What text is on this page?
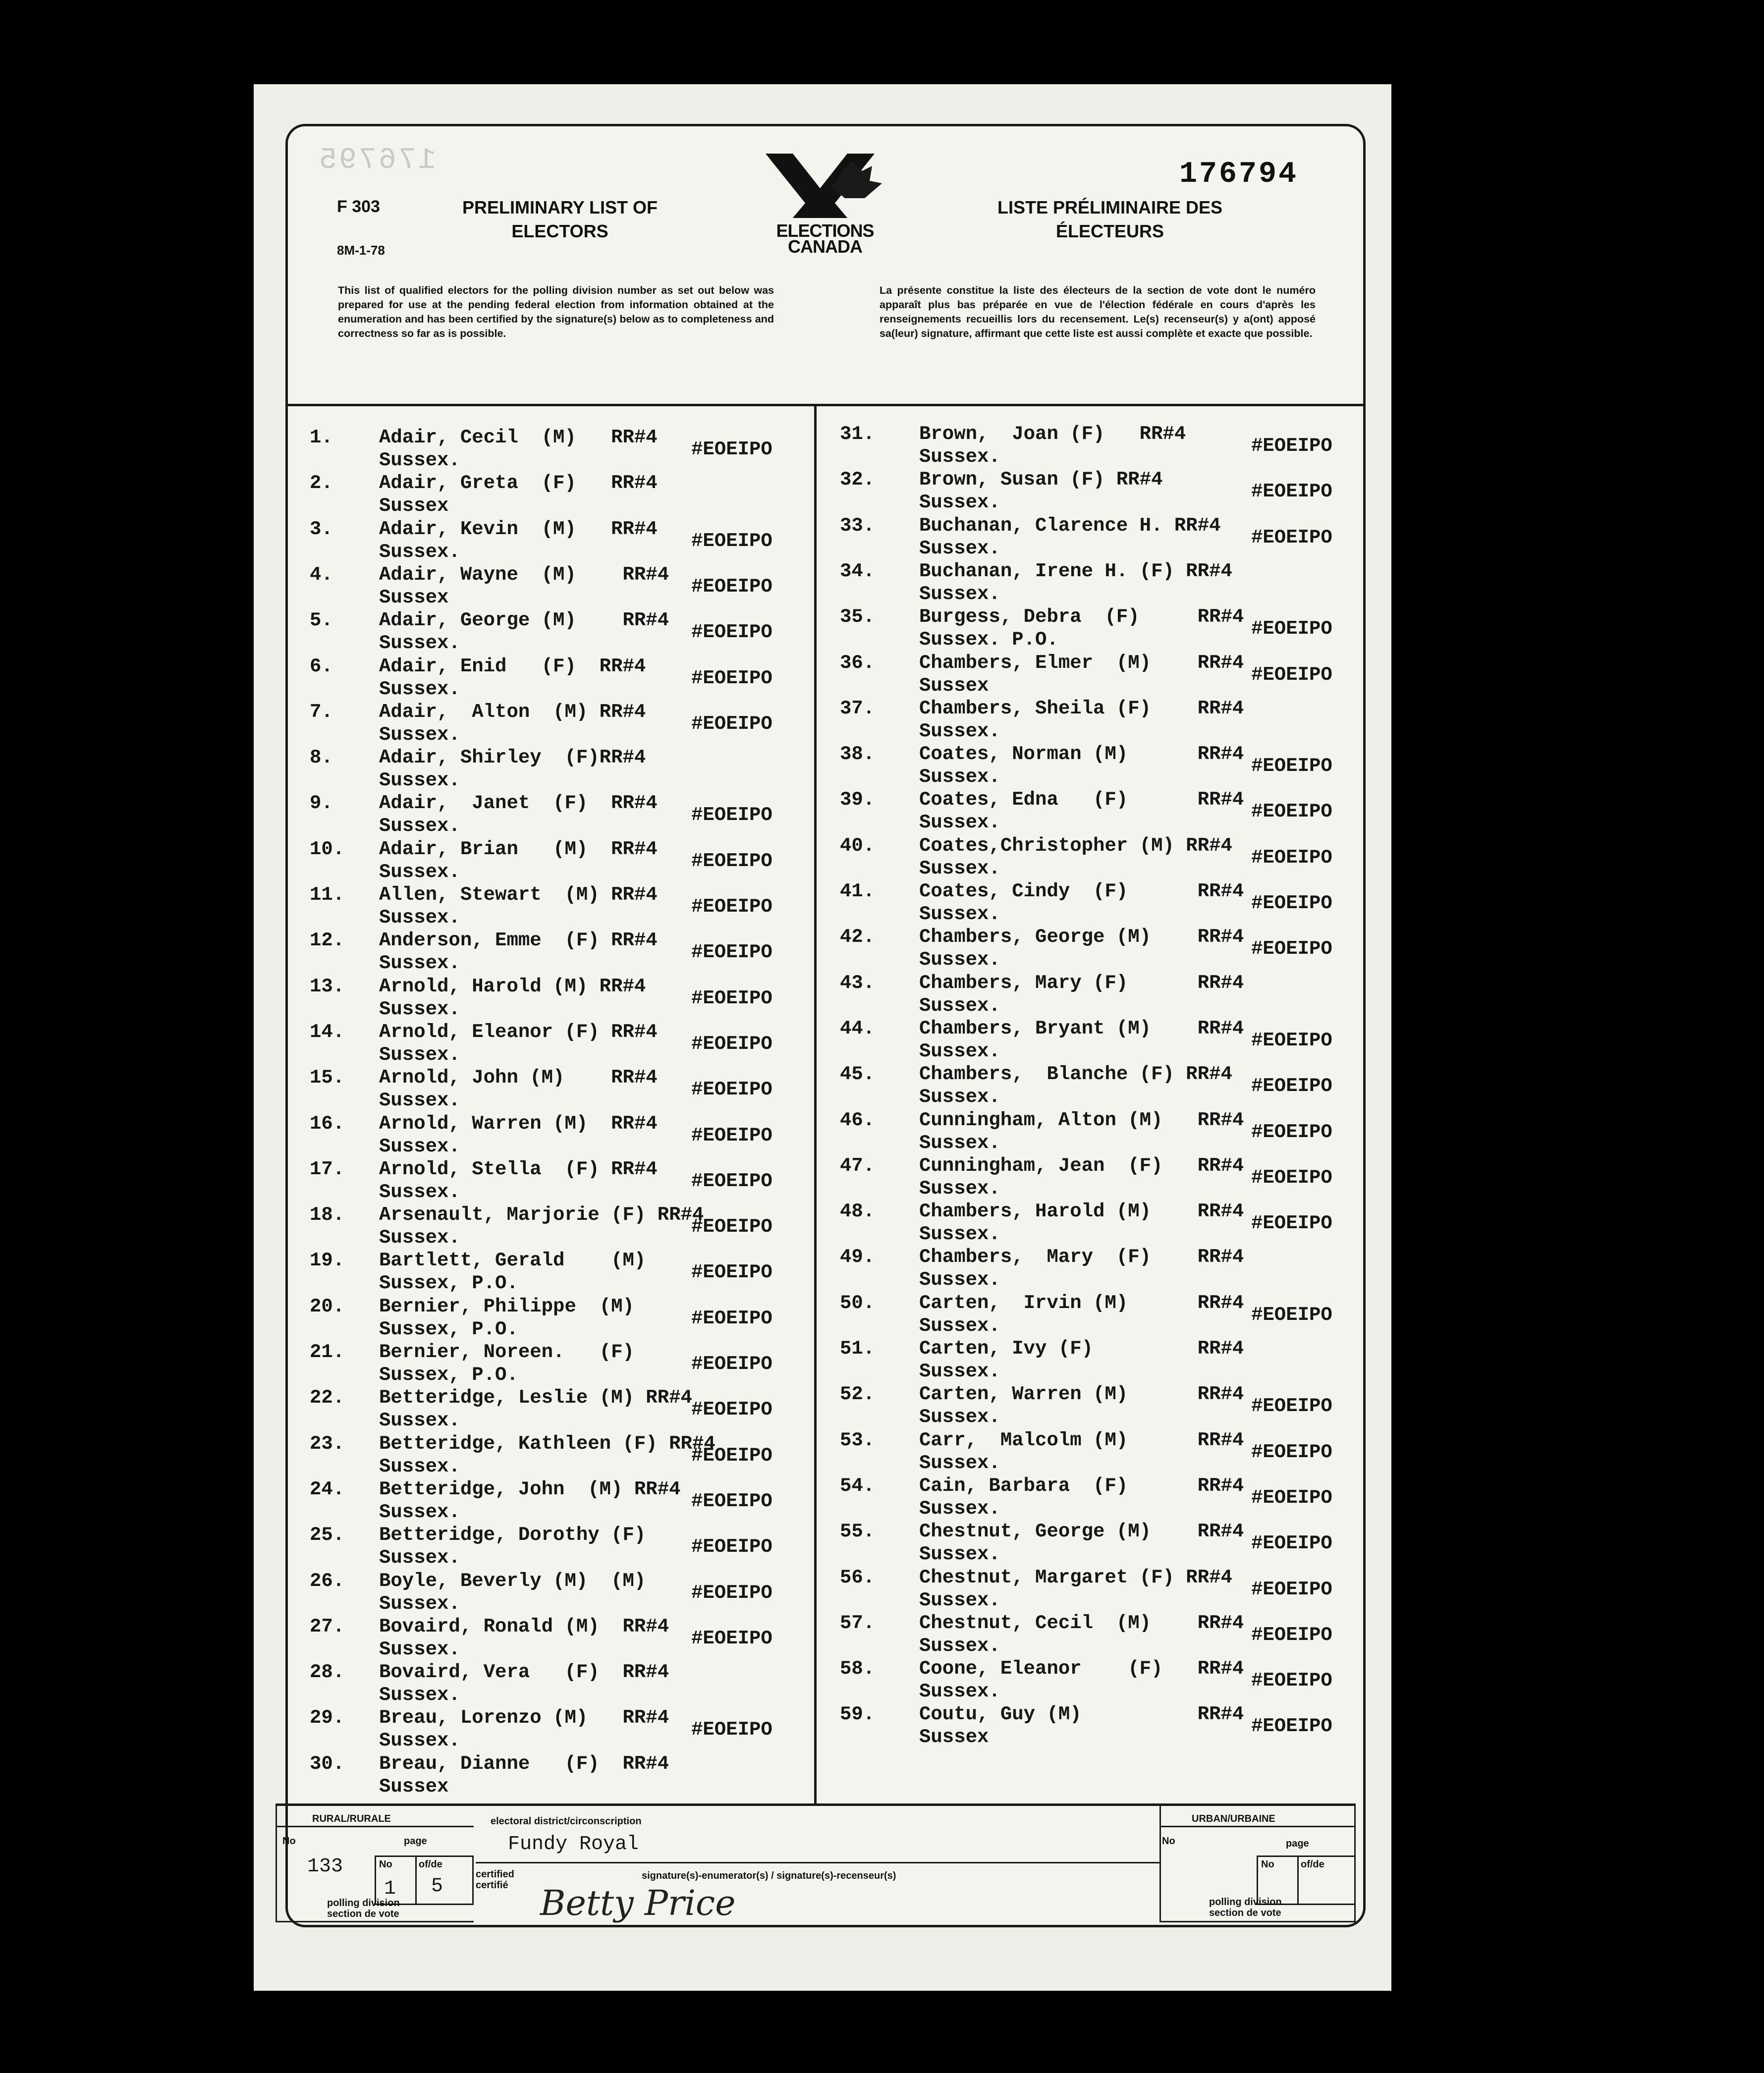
176795	176794
F 303
8M-1-78
PRELIMINARY LIST OF
ELECTORS	ELECTIONS
CANADA
LISTE PRÉLIMINAIRE DES
ÉLECTEURS
This list of qualified electors for the polling division number as set out below was prepared for use at the pending federal election from information obtained at the enumeration and has been certified by the signature(s) below as to completeness and correctness so far as is possible.
La présente constitue la liste des électeurs de la section de vote dont le numéro apparaît plus bas préparée en vue de l'élection fédérale en cours d'après les renseignements recueillis lors du recensement. Le(s) recenseur(s) y a(ont) apposé sa(leur) signature, affirmant que cette liste est aussi complète et exacte que possible.
1. Adair, Cecil  (M)   RR#4
Sussex.	#EOEIPO
2. Adair, Greta  (F)   RR#4
Sussex
3. Adair, Kevin  (M)   RR#4
Sussex.	#EOEIPO
4. Adair, Wayne  (M)    RR#4
Sussex	#EOEIPO
5. Adair, George (M)    RR#4
Sussex.	#EOEIPO
6. Adair, Enid   (F)  RR#4
Sussex.	#EOEIPO
7. Adair,  Alton  (M) RR#4
Sussex.	#EOEIPO
8. Adair, Shirley  (F)RR#4
Sussex.
9. Adair,  Janet  (F)  RR#4
Sussex.	#EOEIPO
10. Adair, Brian   (M)  RR#4
Sussex.	#EOEIPO
11. Allen, Stewart  (M) RR#4
Sussex.	#EOEIPO
12. Anderson, Emme  (F) RR#4
Sussex.	#EOEIPO
13. Arnold, Harold (M) RR#4
Sussex.	#EOEIPO
14. Arnold, Eleanor (F) RR#4
Sussex.	#EOEIPO
15. Arnold, John (M)    RR#4
Sussex.	#EOEIPO
16. Arnold, Warren (M)  RR#4
Sussex.	#EOEIPO
17. Arnold, Stella  (F) RR#4
Sussex.	#EOEIPO
18. Arsenault, Marjorie (F) RR#4
Sussex.	#EOEIPO
19. Bartlett, Gerald    (M)
Sussex, P.O.	#EOEIPO
20. Bernier, Philippe  (M)
Sussex, P.O.	#EOEIPO
21. Bernier, Noreen.   (F)
Sussex, P.O.	#EOEIPO
22. Betteridge, Leslie (M) RR#4
Sussex.	#EOEIPO
23. Betteridge, Kathleen (F) RR#4
Sussex.	#EOEIPO
24. Betteridge, John  (M) RR#4
Sussex.	#EOEIPO
25. Betteridge, Dorothy (F)
Sussex.	#EOEIPO
26. Boyle, Beverly (M)  (M)
Sussex.	#EOEIPO
27. Bovaird, Ronald (M)  RR#4
Sussex.	#EOEIPO
28. Bovaird, Vera   (F)  RR#4
Sussex.
29. Breau, Lorenzo (M)   RR#4
Sussex.	#EOEIPO
30. Breau, Dianne   (F)  RR#4
Sussex
31. Brown,  Joan (F)   RR#4
Sussex.	#EOEIPO
32. Brown, Susan (F) RR#4
Sussex.	#EOEIPO
33. Buchanan, Clarence H. RR#4
Sussex.	#EOEIPO
34. Buchanan, Irene H. (F) RR#4
Sussex.
35. Burgess, Debra  (F)     RR#4
Sussex. P.O.	#EOEIPO
36. Chambers, Elmer  (M)    RR#4
Sussex	#EOEIPO
37. Chambers, Sheila (F)    RR#4
Sussex.
38. Coates, Norman (M)      RR#4
Sussex.	#EOEIPO
39. Coates, Edna   (F)      RR#4
Sussex.	#EOEIPO
40. Coates,Christopher (M) RR#4
Sussex.	#EOEIPO
41. Coates, Cindy  (F)      RR#4
Sussex.	#EOEIPO
42. Chambers, George (M)    RR#4
Sussex.	#EOEIPO
43. Chambers, Mary (F)      RR#4
Sussex.
44. Chambers, Bryant (M)    RR#4
Sussex.	#EOEIPO
45. Chambers,  Blanche (F) RR#4
Sussex.	#EOEIPO
46. Cunningham, Alton (M)   RR#4
Sussex.	#EOEIPO
47. Cunningham, Jean  (F)   RR#4
Sussex.	#EOEIPO
48. Chambers, Harold (M)    RR#4
Sussex.	#EOEIPO
49. Chambers,  Mary  (F)    RR#4
Sussex.
50. Carten,  Irvin (M)      RR#4
Sussex.	#EOEIPO
51. Carten, Ivy (F)         RR#4
Sussex.
52. Carten, Warren (M)      RR#4
Sussex.	#EOEIPO
53. Carr,  Malcolm (M)      RR#4
Sussex.	#EOEIPO
54. Cain, Barbara  (F)      RR#4
Sussex.	#EOEIPO
55. Chestnut, George (M)    RR#4
Sussex.	#EOEIPO
56. Chestnut, Margaret (F) RR#4
Sussex.	#EOEIPO
57. Chestnut, Cecil  (M)    RR#4
Sussex.	#EOEIPO
58. Coone, Eleanor    (F)   RR#4
Sussex.	#EOEIPO
59. Coutu, Guy (M)          RR#4
Sussex	#EOEIPO
RURAL/RURALE
No	page
No	of/de
133
1 5
polling division
section de vote
electoral district/circonscription
Fundy Royal
certified
certifié
signature(s)-enumerator(s) / signature(s)-recenseur(s)
Betty Price
URBAN/URBAINE
No	page
No	of/de
polling division
section de vote
